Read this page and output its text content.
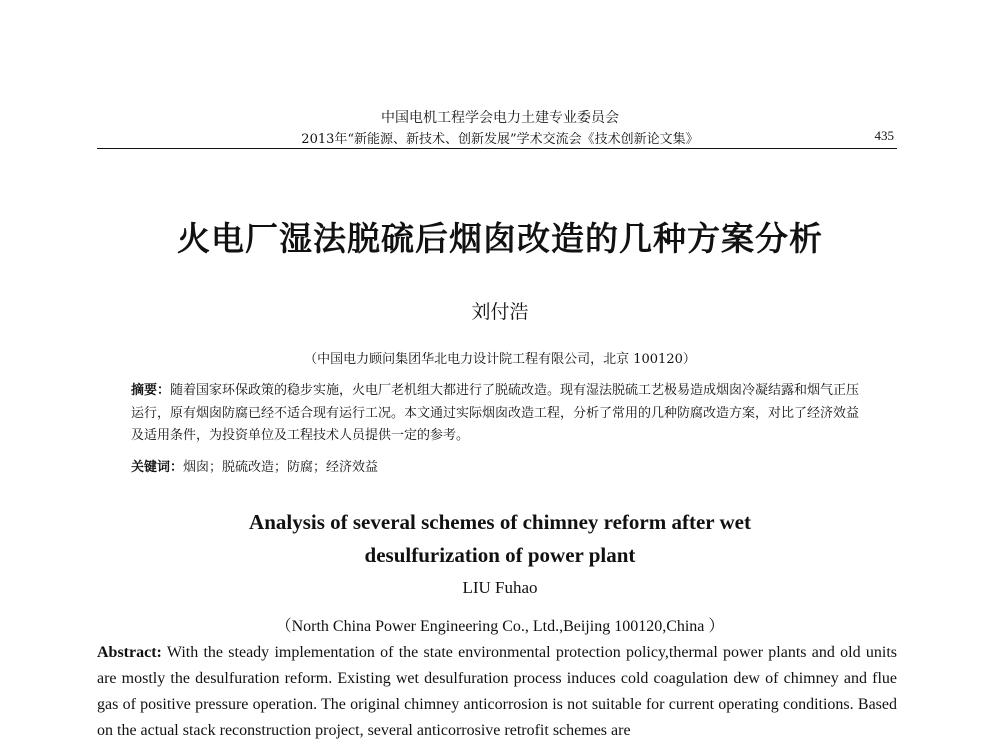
中国电机工程学会电力土建专业委员会
2013年“新能源、新技术、创新发展”学术交流会《技术创新论文集》	435
火电厂湿法脱硫后烟囱改造的几种方案分析
刘付浩
（中国电力顾问集团华北电力设计院工程有限公司，北京 100120）
摘要：随着国家环保政策的稳步实施，火电厂老机组大都进行了脱硫改造。现有湿法脱硫工艺极易造成烟囱冷凝结露和烟气正压运行，原有烟囱防腐已经不适合现有运行工况。本文通过实际烟囱改造工程，分析了常用的几种防腐改造方案，对比了经济效益及适用条件，为投资单位及工程技术人员提供一定的参考。
关键词：烟囱；脱硫改造；防腐；经济效益
Analysis of several schemes of chimney reform after wet
desulfurization of power plant
LIU Fuhao
（North China Power Engineering Co., Ltd.,Beijing 100120,China ）
Abstract: With the steady implementation of the state environmental protection policy,thermal power plants and old units are mostly the desulfuration reform. Existing wet desulfuration process induces cold coagulation dew of chimney and flue gas of positive pressure operation. The original chimney anticorrosion is not suitable for current operating conditions. Based on the actual stack reconstruction project, several anticorrosive retrofit schemes are
